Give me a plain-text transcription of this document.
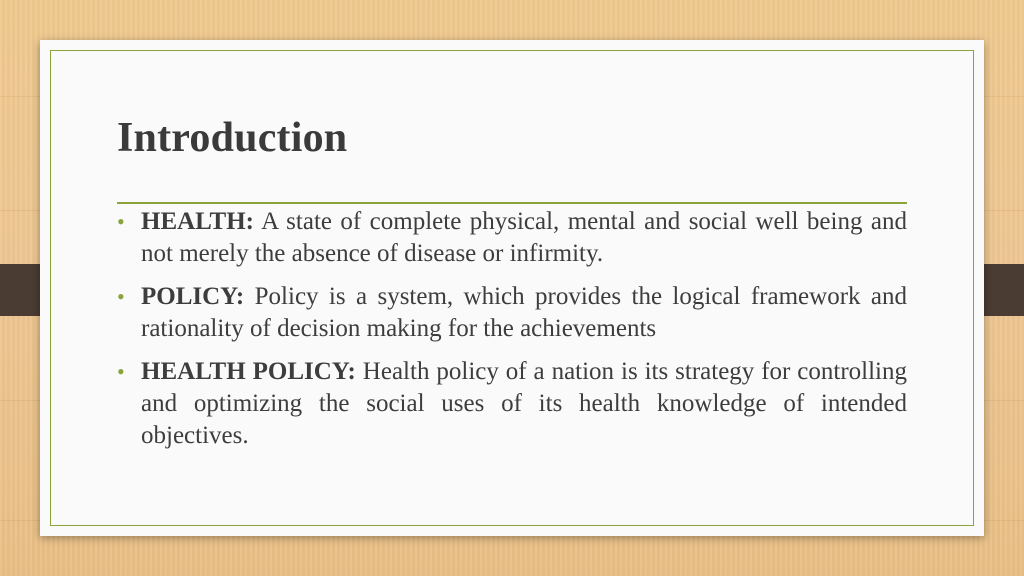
Introduction
• HEALTH: A state of complete physical, mental and social well being and not merely the absence of disease or infirmity.
• POLICY: Policy is a system, which provides the logical framework and rationality of decision making for the achievements
• HEALTH POLICY: Health policy of a nation is its strategy for controlling and optimizing the social uses of its health knowledge of intended objectives.
